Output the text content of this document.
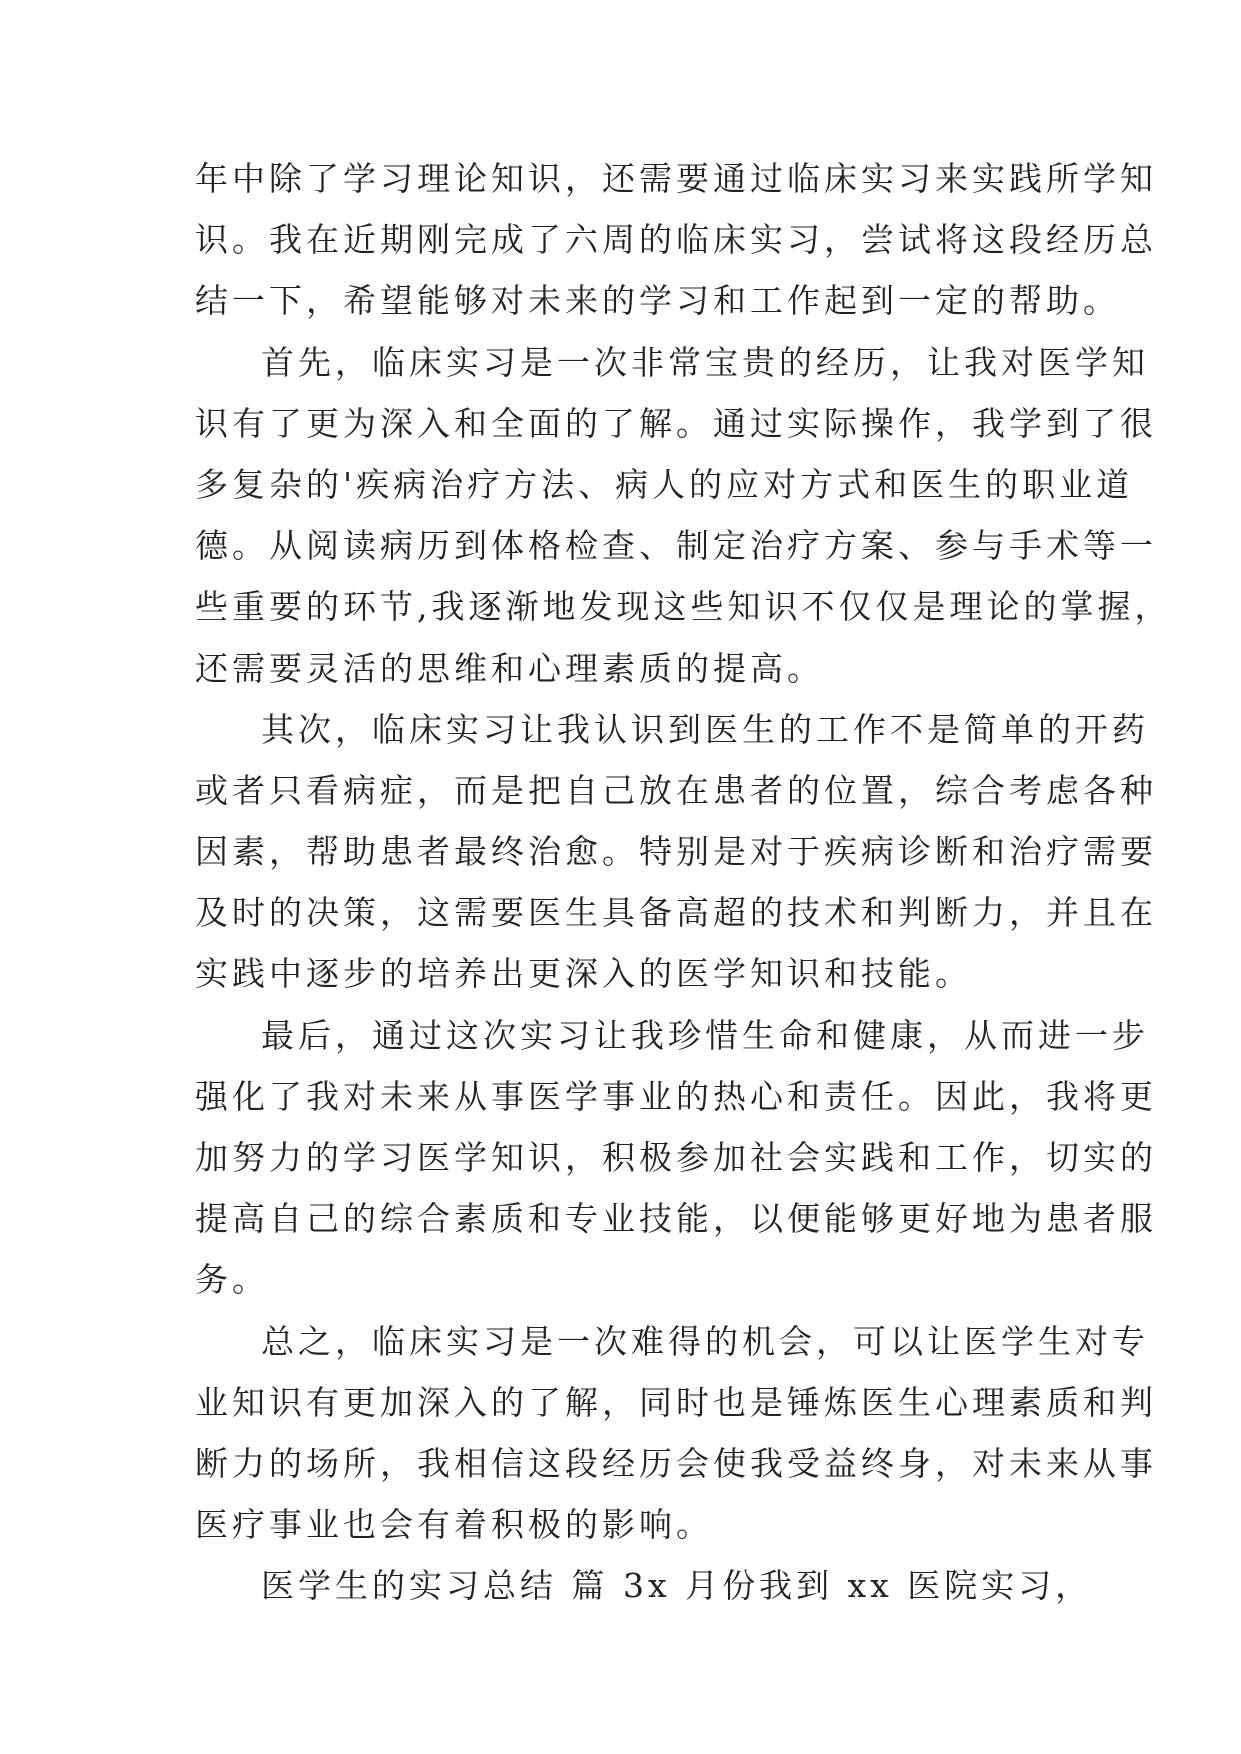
年中除了学习理论知识，还需要通过临床实习来实践所学知
识。我在近期刚完成了六周的临床实习，尝试将这段经历总
结一下，希望能够对未来的学习和工作起到一定的帮助。
首先，临床实习是一次非常宝贵的经历，让我对医学知
识有了更为深入和全面的了解。通过实际操作，我学到了很
多复杂的'疾病治疗方法、病人的应对方式和医生的职业道
德。从阅读病历到体格检查、制定治疗方案、参与手术等一
些重要的环节,我逐渐地发现这些知识不仅仅是理论的掌握，
还需要灵活的思维和心理素质的提高。
其次，临床实习让我认识到医生的工作不是简单的开药
或者只看病症，而是把自己放在患者的位置，综合考虑各种
因素，帮助患者最终治愈。特别是对于疾病诊断和治疗需要
及时的决策，这需要医生具备高超的技术和判断力，并且在
实践中逐步的培养出更深入的医学知识和技能。
最后，通过这次实习让我珍惜生命和健康，从而进一步
强化了我对未来从事医学事业的热心和责任。因此，我将更
加努力的学习医学知识，积极参加社会实践和工作，切实的
提高自己的综合素质和专业技能，以便能够更好地为患者服
务。
总之，临床实习是一次难得的机会，可以让医学生对专
业知识有更加深入的了解，同时也是锤炼医生心理素质和判
断力的场所，我相信这段经历会使我受益终身，对未来从事
医疗事业也会有着积极的影响。
医学生的实习总结 篇 3 x 月份我到 xx 医院实习，
